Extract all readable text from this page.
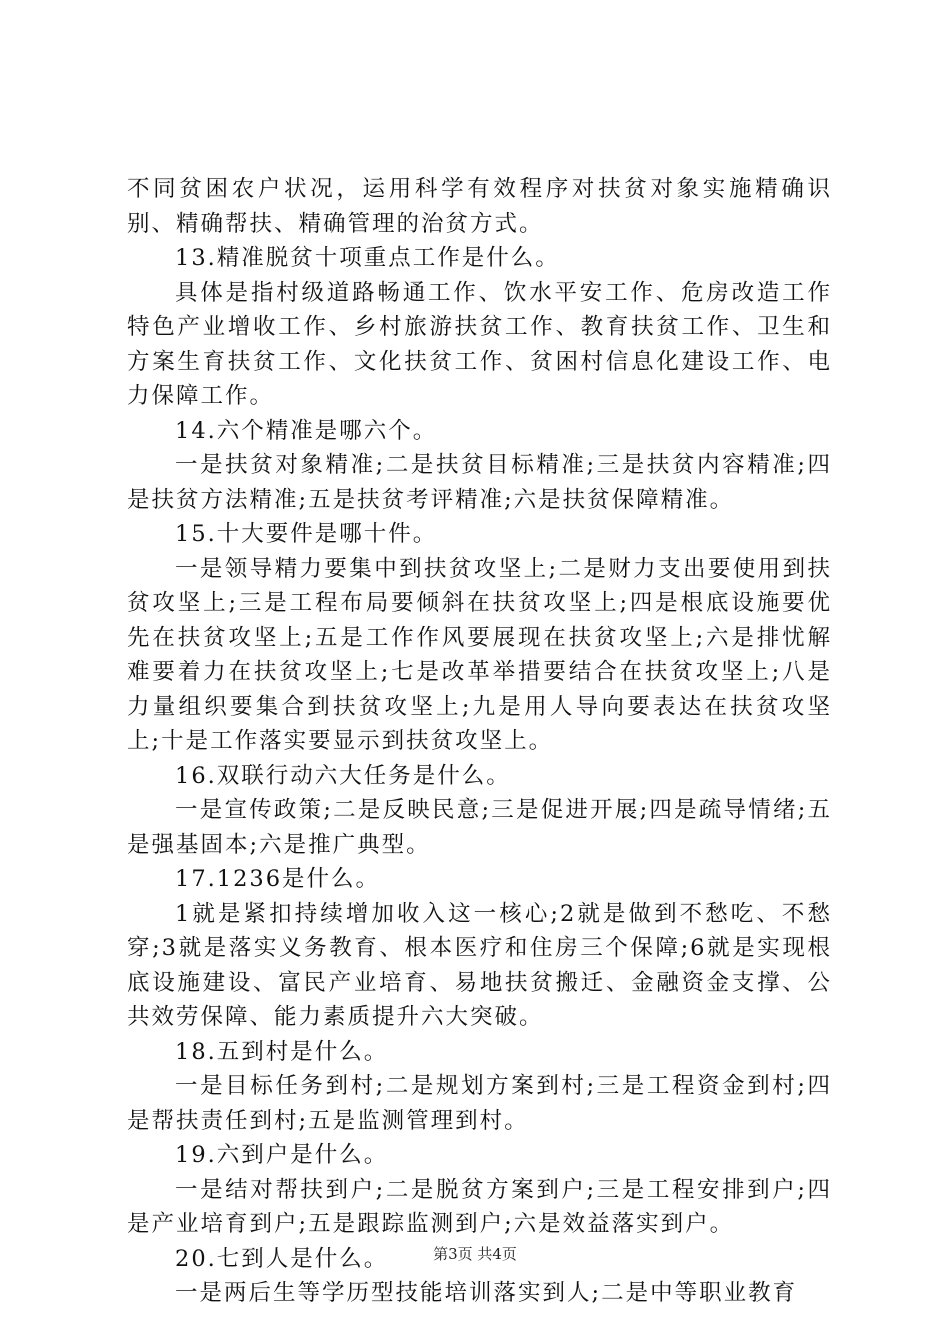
不同贫困农户状况，运用科学有效程序对扶贫对象实施精确识别、精确帮扶、精确管理的治贫方式。

13.精准脱贫十项重点工作是什么。

具体是指村级道路畅通工作、饮水平安工作、危房改造工作特色产业增收工作、乡村旅游扶贫工作、教育扶贫工作、卫生和方案生育扶贫工作、文化扶贫工作、贫困村信息化建设工作、电力保障工作。

14.六个精准是哪六个。

一是扶贫对象精准;二是扶贫目标精准;三是扶贫内容精准;四是扶贫方法精准;五是扶贫考评精准;六是扶贫保障精准。

15.十大要件是哪十件。

一是领导精力要集中到扶贫攻坚上;二是财力支出要使用到扶贫攻坚上;三是工程布局要倾斜在扶贫攻坚上;四是根底设施要优先在扶贫攻坚上;五是工作作风要展现在扶贫攻坚上;六是排忧解难要着力在扶贫攻坚上;七是改革举措要结合在扶贫攻坚上;八是力量组织要集合到扶贫攻坚上;九是用人导向要表达在扶贫攻坚上;十是工作落实要显示到扶贫攻坚上。

16.双联行动六大任务是什么。

一是宣传政策;二是反映民意;三是促进开展;四是疏导情绪;五是强基固本;六是推广典型。

17.1236是什么。

1就是紧扣持续增加收入这一核心;2就是做到不愁吃、不愁穿;3就是落实义务教育、根本医疗和住房三个保障;6就是实现根底设施建设、富民产业培育、易地扶贫搬迁、金融资金支撑、公共效劳保障、能力素质提升六大突破。

18.五到村是什么。

一是目标任务到村;二是规划方案到村;三是工程资金到村;四是帮扶责任到村;五是监测管理到村。

19.六到户是什么。

一是结对帮扶到户;二是脱贫方案到户;三是工程安排到户;四是产业培育到户;五是跟踪监测到户;六是效益落实到户。

20.七到人是什么。

一是两后生等学历型技能培训落实到人;二是中等职业教育

第3页 共4页
